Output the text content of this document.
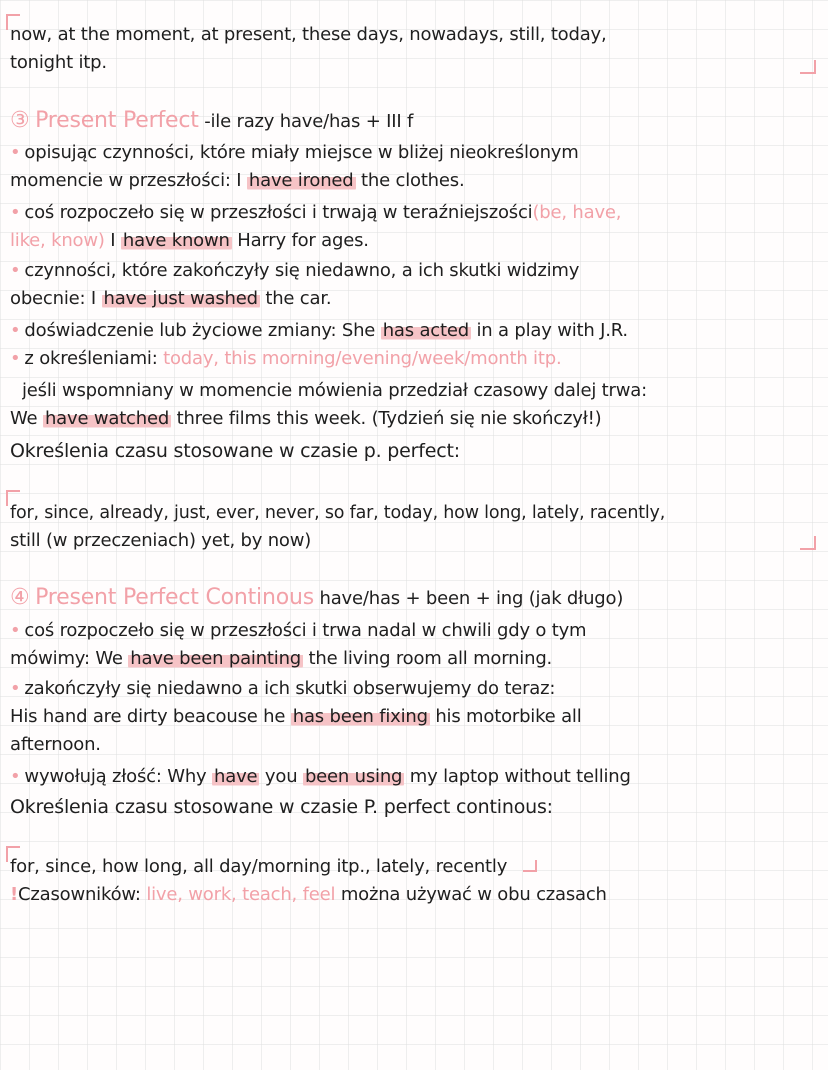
now, at the moment, at present, these days, nowadays, still, today,
tonight itp.
③ Present Perfect -ile razy have/has + III f
• opisując czynności, które miały miejsce w bliżej nieokreślonym
momencie w przeszłości: I have ironed the clothes.
• coś rozpoczeło się w przeszłości i trwają w teraźniejszości(be, have,
like, know) I have known Harry for ages.
• czynności, które zakończyły się niedawno, a ich skutki widzimy
obecnie: I have just washed the car.
• doświadczenie lub życiowe zmiany: She has acted in a play with J.R.
• z określeniami: today, this morning/evening/week/month itp.
jeśli wspomniany w momencie mówienia przedział czasowy dalej trwa:
We have watched three films this week. (Tydzień się nie skończył!)
Określenia czasu stosowane w czasie p. perfect:
for, since, already, just, ever, never, so far, today, how long, lately, racently,
still (w przeczeniach) yet, by now)
④ Present Perfect Continous have/has + been + ing (jak długo)
• coś rozpoczeło się w przeszłości i trwa nadal w chwili gdy o tym
mówimy: We have been painting the living room all morning.
• zakończyły się niedawno a ich skutki obserwujemy do teraz:
His hand are dirty beacouse he has been fixing his motorbike all
afternoon.
• wywołują złość: Why have you been using my laptop without telling
Określenia czasu stosowane w czasie P. perfect continous:
for, since, how long, all day/morning itp., lately, recently
!Czasowników: live, work, teach, feel można używać w obu czasach
